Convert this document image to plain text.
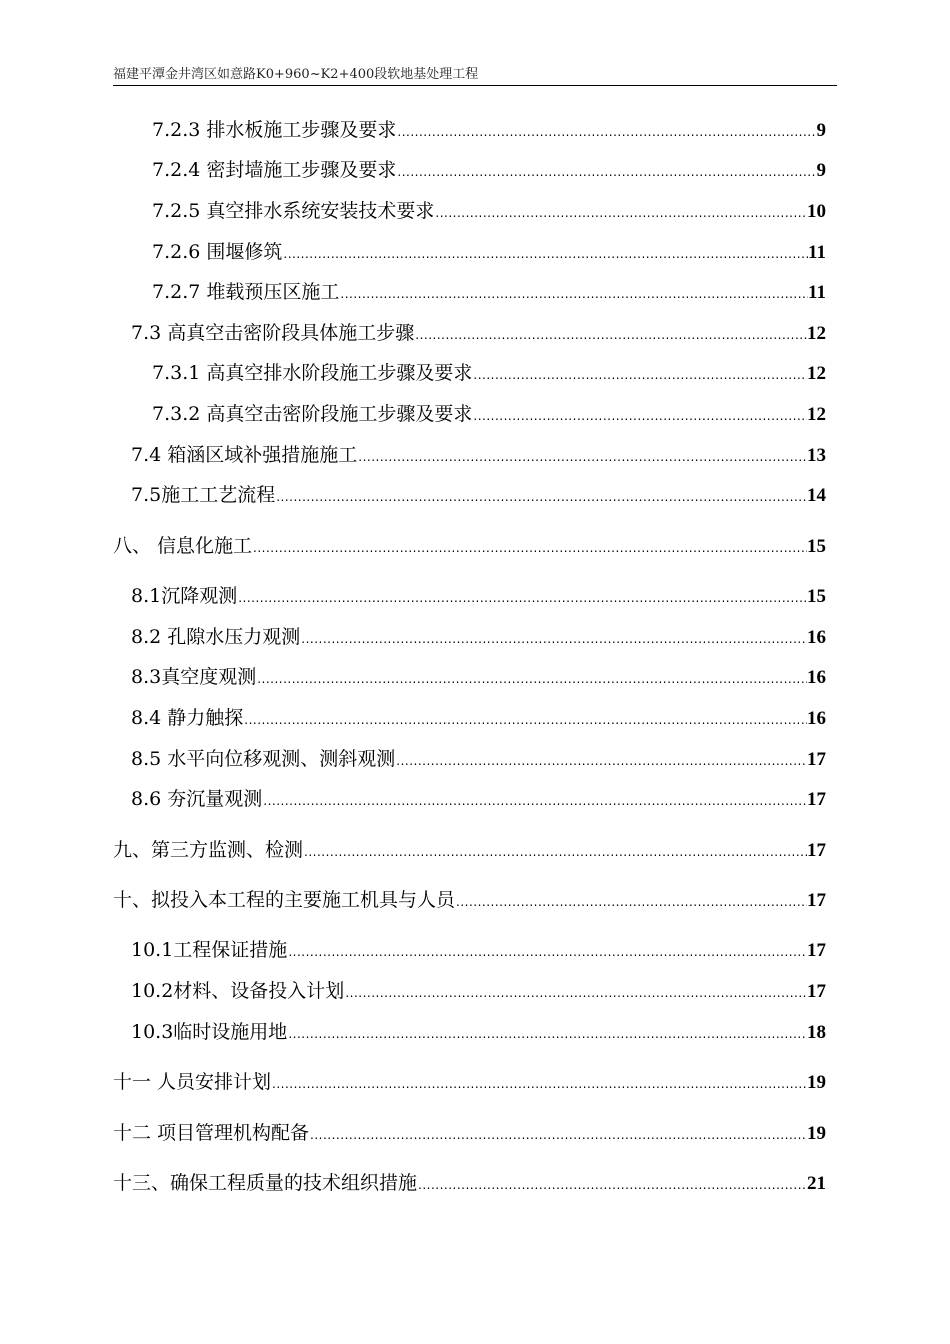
福建平潭金井湾区如意路K0+960~K2+400段软地基处理工程
7.2.3 排水板施工步骤及要求 .....	9
7.2.4 密封墙施工步骤及要求 .....	9
7.2.5 真空排水系统安装技术要求 .....	10
7.2.6 围堰修筑 .....	11
7.2.7 堆载预压区施工 .....	11
7.3 高真空击密阶段具体施工步骤 .....	12
7.3.1 高真空排水阶段施工步骤及要求 .....	12
7.3.2 高真空击密阶段施工步骤及要求 .....	12
7.4 箱涵区域补强措施施工 .....	13
7.5施工工艺流程 .....	14
八、 信息化施工 .....	15
8.1沉降观测 .....	15
8.2 孔隙水压力观测 .....	16
8.3真空度观测 .....	16
8.4 静力触探 .....	16
8.5 水平向位移观测、测斜观测 .....	17
8.6 夯沉量观测 .....	17
九、第三方监测、检测 .....	17
十、拟投入本工程的主要施工机具与人员 .....	17
10.1工程保证措施 .....	17
10.2材料、设备投入计划 .....	17
10.3临时设施用地 .....	18
十一 人员安排计划 .....	19
十二 项目管理机构配备 .....	19
十三、确保工程质量的技术组织措施 .....	21
